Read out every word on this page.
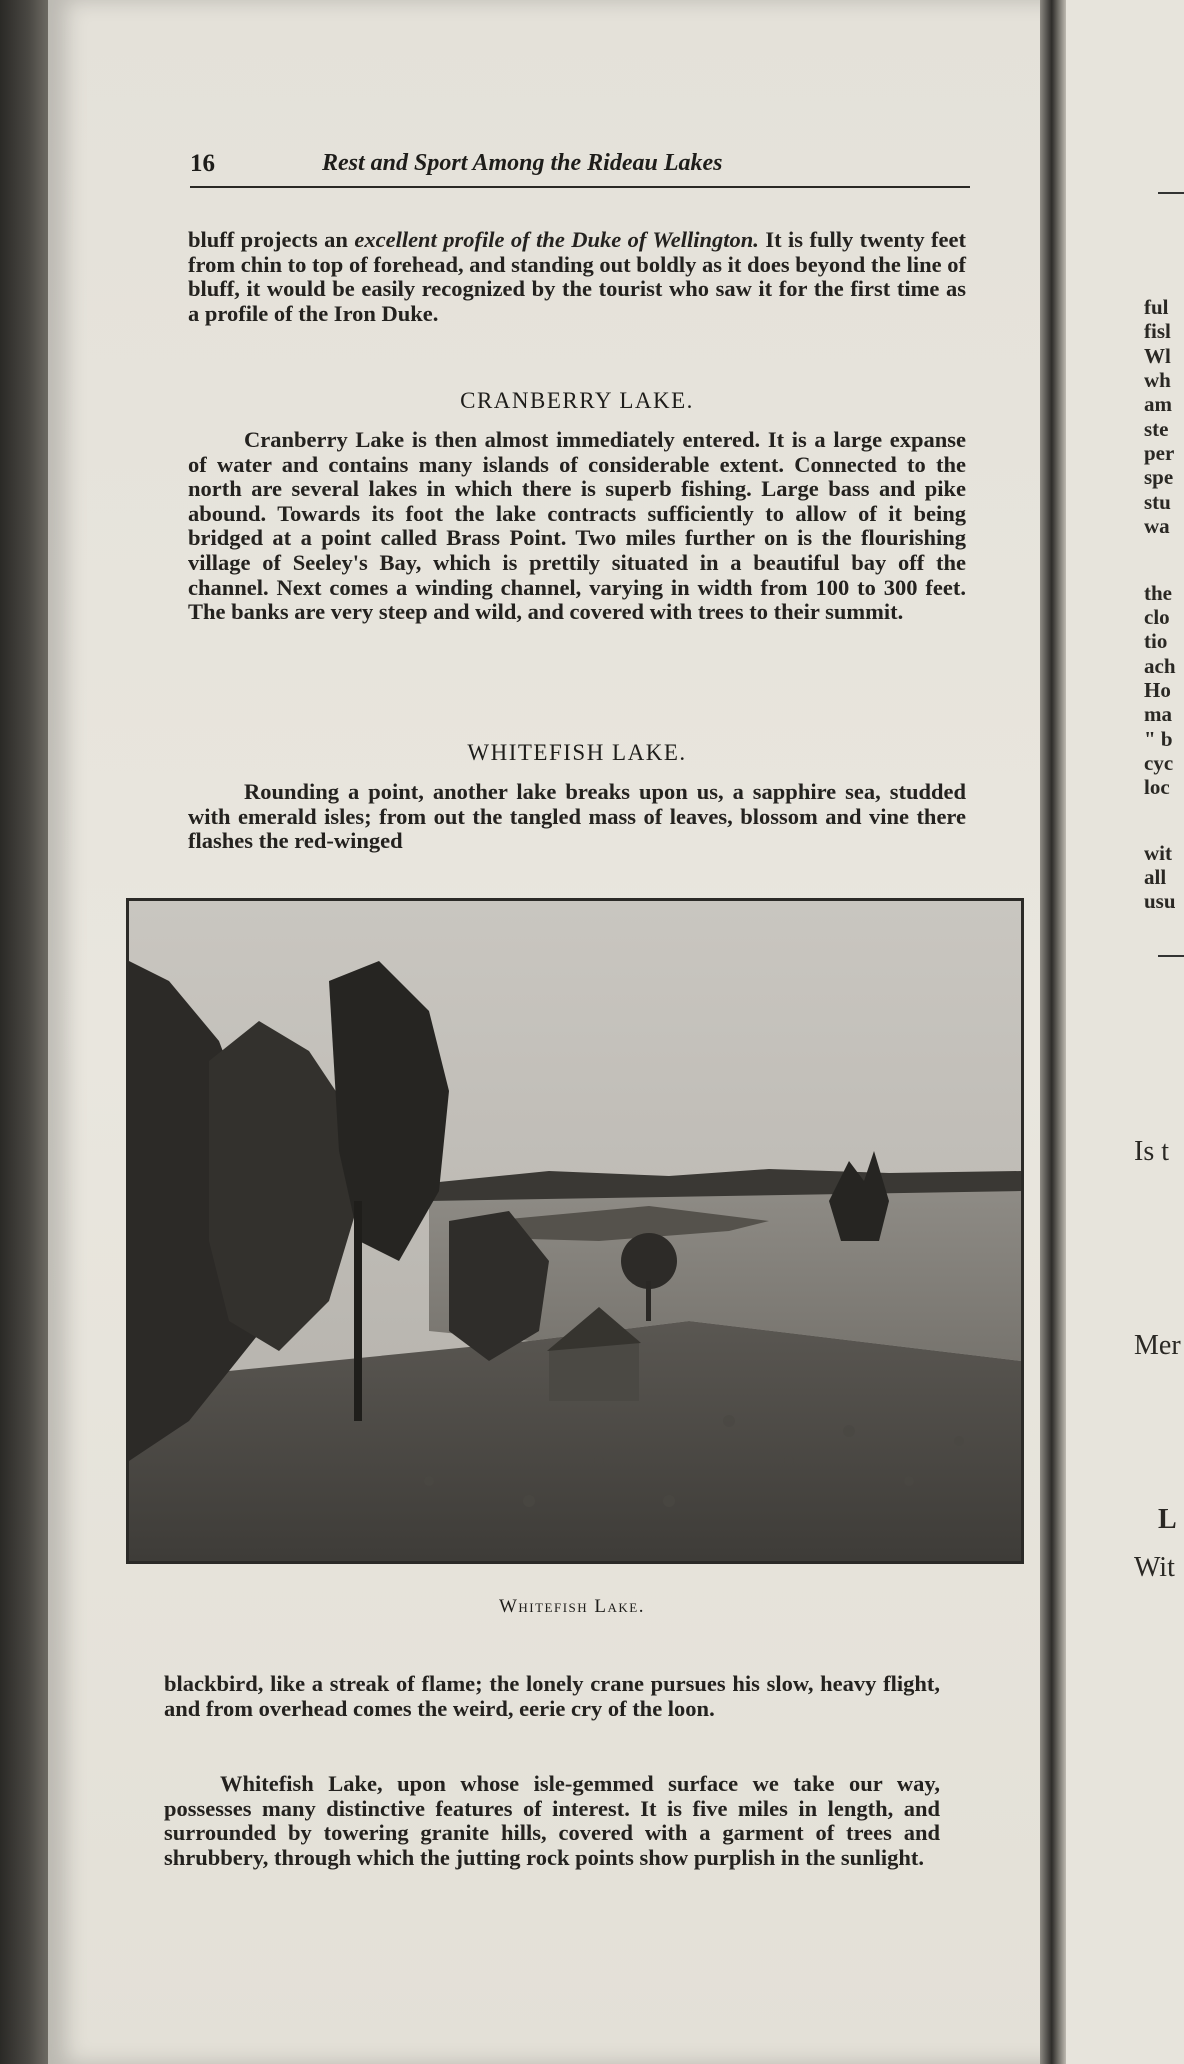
16	Rest and Sport Among the Rideau Lakes

bluff projects an excellent profile of the Duke of Wellington. It is fully twenty feet from chin to top of forehead, and standing out boldly as it does beyond the line of bluff, it would be easily recognized by the tourist who saw it for the first time as a profile of the Iron Duke.

CRANBERRY LAKE.

Cranberry Lake is then almost immediately entered. It is a large expanse of water and contains many islands of considerable extent. Connected to the north are several lakes in which there is superb fishing. Large bass and pike abound. Towards its foot the lake contracts sufficiently to allow of it being bridged at a point called Brass Point. Two miles further on is the flourishing village of Seeley's Bay, which is prettily situated in a beautiful bay off the channel. Next comes a winding channel, varying in width from 100 to 300 feet. The banks are very steep and wild, and covered with trees to their summit.

WHITEFISH LAKE.

Rounding a point, another lake breaks upon us, a sapphire sea, studded with emerald isles; from out the tangled mass of leaves, blossom and vine there flashes the red-winged

Whitefish Lake.

blackbird, like a streak of flame; the lonely crane pursues his slow, heavy flight, and from overhead comes the weird, eerie cry of the loon.

Whitefish Lake, upon whose isle-gemmed surface we take our way, possesses many distinctive features of interest. It is five miles in length, and surrounded by towering granite hills, covered with a garment of trees and shrubbery, through which the jutting rock points show purplish in the sunlight.

ful
fisl
Wl
wh
am
ste
per
spe
stu
wa
the
clo
tio
ach
Ho
ma
" b
cyc
loc
wit
all
usu
Is t
Mer
L
Wit
